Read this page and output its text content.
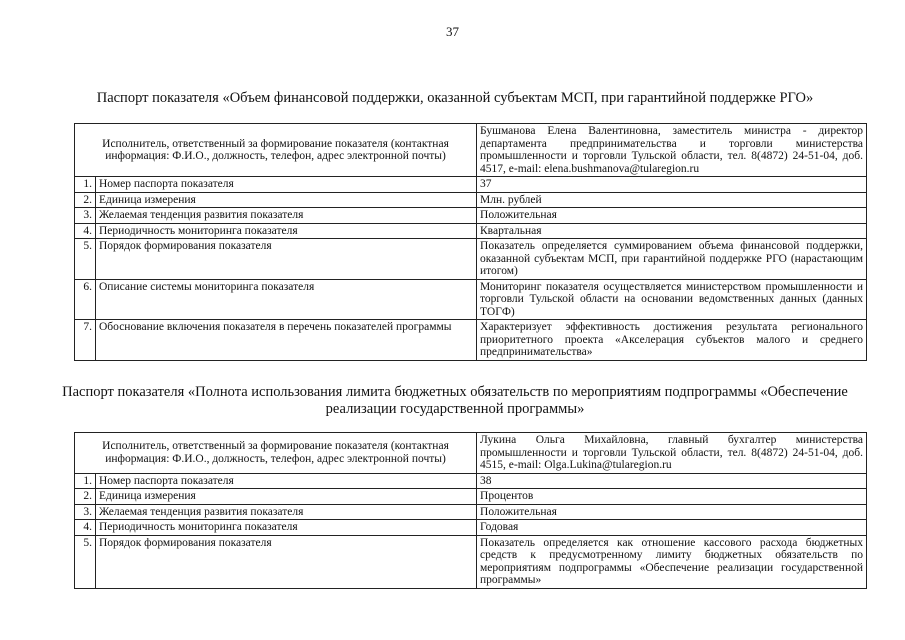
37
Паспорт показателя «Объем финансовой поддержки, оказанной субъектам МСП, при гарантийной поддержке РГО»
Исполнитель, ответственный за формирование показателя (контактная информация: Ф.И.О., должность, телефон, адрес электронной почты)		Бушманова Елена Валентиновна, заместитель министра - директор департамента предпринимательства и торговли министерства промышленности и торговли Тульской области, тел. 8(4872) 24-51-04, доб. 4517, e-mail: elena.bushmanova@tularegion.ru
1.	Номер паспорта показателя	37
2.	Единица измерения	Млн. рублей
3.	Желаемая тенденция развития показателя	Положительная
4.	Периодичность мониторинга показателя	Квартальная
5.	Порядок формирования показателя	Показатель определяется суммированием объема финансовой поддержки, оказанной субъектам МСП, при гарантийной поддержке РГО (нарастающим итогом)
6.	Описание системы мониторинга показателя	Мониторинг показателя осуществляется министерством промышленности и торговли Тульской области на основании ведомственных данных (данных ТОГФ)
7.	Обоснование включения показателя в перечень показателей программы	Характеризует эффективность достижения результата регионального приоритетного проекта «Акселерация субъектов малого и среднего предпринимательства»
Паспорт показателя «Полнота использования лимита бюджетных обязательств по мероприятиям подпрограммы «Обеспечение реализации государственной программы»
Исполнитель, ответственный за формирование показателя (контактная информация: Ф.И.О., должность, телефон, адрес электронной почты)		Лукина Ольга Михайловна, главный бухгалтер министерства промышленности и торговли Тульской области, тел. 8(4872) 24-51-04, доб. 4515, e-mail: Olga.Lukina@tularegion.ru
1.	Номер паспорта показателя	38
2.	Единица измерения	Процентов
3.	Желаемая тенденция развития показателя	Положительная
4.	Периодичность мониторинга показателя	Годовая
5.	Порядок формирования показателя	Показатель определяется как отношение кассового расхода бюджетных средств к предусмотренному лимиту бюджетных обязательств по мероприятиям подпрограммы «Обеспечение реализации государственной программы»
